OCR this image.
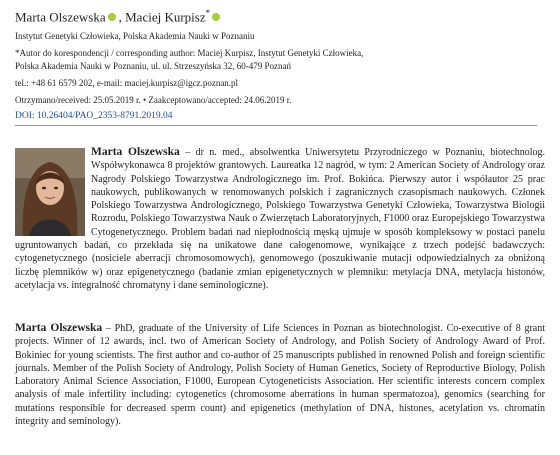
Marta Olszewska , Maciej Kurpisz*
Instytut Genetyki Człowieka, Polska Akademia Nauki w Poznaniu
*Autor do korespondencji / corresponding author: Maciej Kurpisz, Instytut Genetyki Człowieka,
Polska Akademia Nauki w Poznaniu, ul. ul. Strzeszyńska 32, 60-479 Poznań
tel.: +48 61 6579 202, e-mail: maciej.kurpisz@igcz.poznan.pl
Otrzymano/received: 25.05.2019 r. • Zaakceptowano/accepted: 24.06.2019 r.
DOI: 10.26404/PAO_2353-8791.2019.04

Marta Olszewska – dr n. med., absolwentka Uniwersytetu Przyrodniczego w Poznaniu, biotechnolog. Współwykonawca 8 projektów grantowych. Laureatka 12 nagród, w tym: 2 American Society of Andrology oraz Nagrody Polskiego Towarzystwa Andrologicznego im. Prof. Bokińca. Pierwszy autor i współautor 25 prac naukowych, publikowanych w renomowanych polskich i zagranicznych czasopismach naukowych. Członek Polskiego Towarzystwa Andrologicznego, Polskiego Towarzystwa Genetyki Człowieka, Towarzystwa Biologii Rozrodu, Polskiego Towarzystwa Nauk o Zwierzętach Laboratoryjnych, F1000 oraz Europejskiego Towarzystwa Cytogenetycznego. Problem badań nad niepłodnością męską ujmuje w sposób kompleksowy w postaci panelu ugruntowanych badań, co przekłada się na unikatowe dane całogenomowe, wynikające z trzech podejść badawczych: cytogenetycznego (nosiciele aberracji chromosomowych), genomowego (poszukiwanie mutacji odpowiedzialnych za obniżoną liczbę plemników w) oraz epigenetycznego (badanie zmian epigenetycznych w plemniku: metylacja DNA, metylacja histonów, acetylacja vs. integralność chromatyny i dane seminologiczne).

Marta Olszewska – PhD, graduate of the University of Life Sciences in Poznan as biotechnologist. Co-executive of 8 grant projects. Winner of 12 awards, incl. two of American Society of Andrology, and Polish Society of Andrology Award of Prof. Bokiniec for young scientists. The first author and co-author of 25 manuscripts published in renowned Polish and foreign scientific journals. Member of the Polish Society of Andrology, Polish Society of Human Genetics, Society of Reproductive Biology, Polish Laboratory Animal Science Association, F1000, European Cytogeneticists Association. Her scientific interests concern complex analysis of male infertility including: cytogenetics (chromosome aberrations in human spermatozoa), genomics (searching for mutations responsible for decreased sperm count) and epigenetics (methylation of DNA, histones, acetylation vs. chromatin integrity and seminology).
